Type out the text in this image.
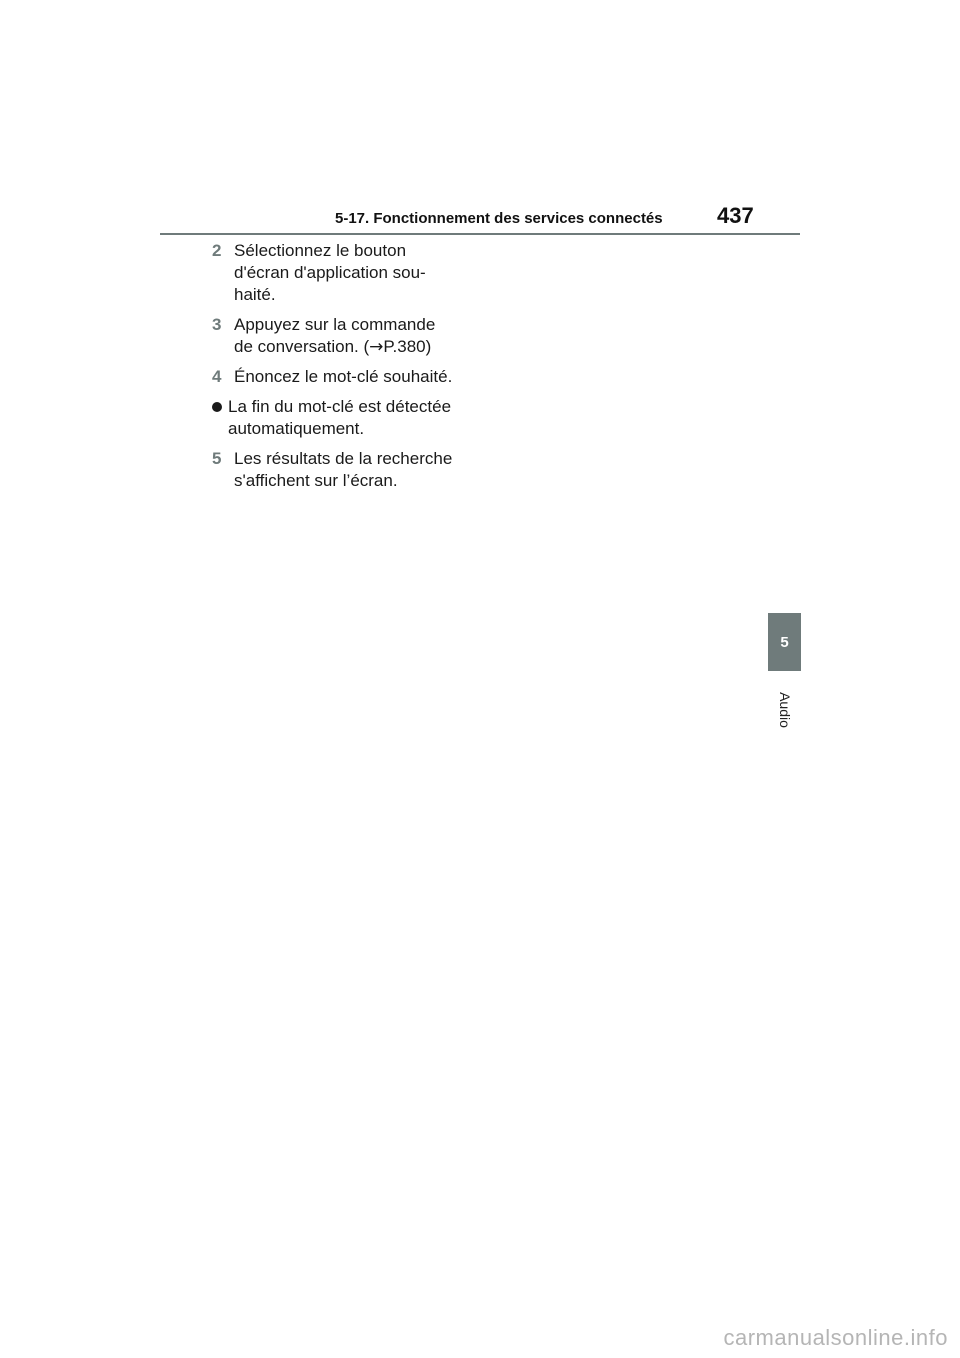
5-17. Fonctionnement des services connectés 437
2 Sélectionnez le bouton
d'écran d'application sou-
haité.
3 Appuyez sur la commande
de conversation. (→P.380)
4 Énoncez le mot-clé souhaité.
La fin du mot-clé est détectée
automatiquement.
5 Les résultats de la recherche
s'affichent sur l’écran.
5
Audio
carmanualsonline.info
